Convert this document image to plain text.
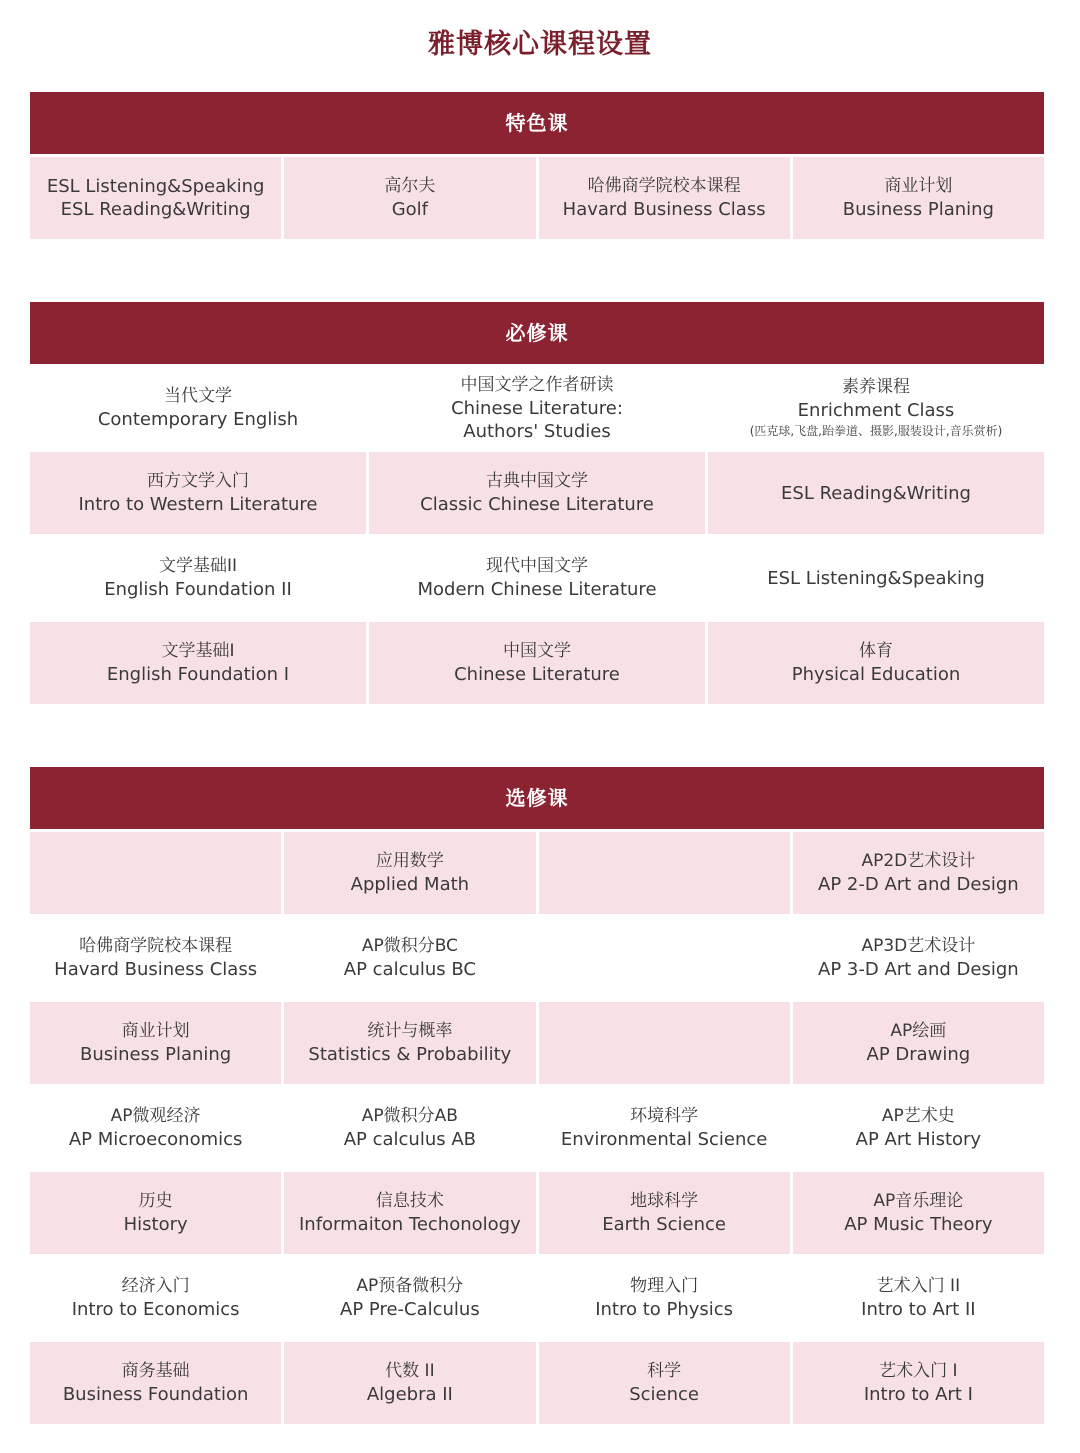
雅博核心课程设置
特色课
ESL Listening&Speaking
ESL Reading&Writing
高尔夫
Golf
哈佛商学院校本课程
Havard Business Class
商业计划
Business Planing
必修课
当代文学
Contemporary English
中国文学之作者研读
Chinese Literature:
Authors' Studies
素养课程
Enrichment Class
(匹克球,飞盘,跆拳道、摄影,服装设计,音乐赏析)
西方文学入门
Intro to Western Literature
古典中国文学
Classic Chinese Literature
ESL Reading&Writing
文学基础II
English Foundation II
现代中国文学
Modern Chinese Literature
ESL Listening&Speaking
文学基础I
English Foundation I
中国文学
Chinese Literature
体育
Physical Education
选修课
应用数学
Applied Math
AP2D艺术设计
AP 2-D Art and Design
哈佛商学院校本课程
Havard Business Class
AP微积分BC
AP calculus BC
AP3D艺术设计
AP 3-D Art and Design
商业计划
Business Planing
统计与概率
Statistics & Probability
AP绘画
AP Drawing
AP微观经济
AP Microeconomics
AP微积分AB
AP calculus AB
环境科学
Environmental Science
AP艺术史
AP Art History
历史
History
信息技术
Informaiton Techonology
地球科学
Earth Science
AP音乐理论
AP Music Theory
经济入门
Intro to Economics
AP预备微积分
AP Pre-Calculus
物理入门
Intro to Physics
艺术入门 II
Intro to Art II
商务基础
Business Foundation
代数 II
Algebra II
科学
Science
艺术入门 I
Intro to Art I
